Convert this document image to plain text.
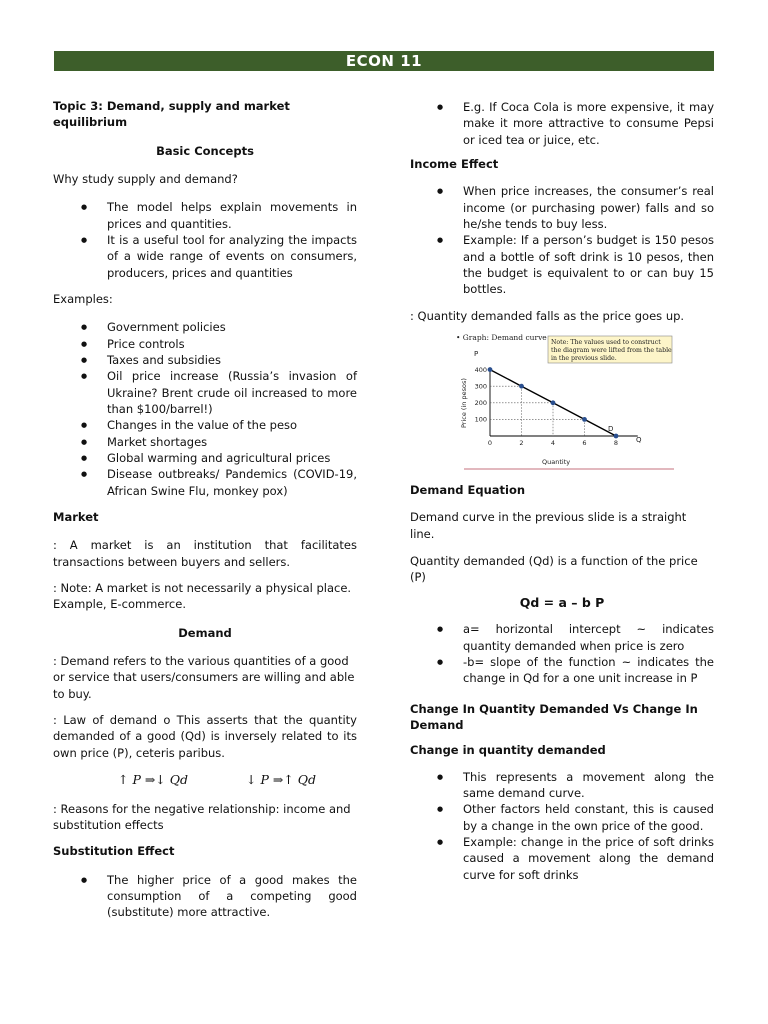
ECON 11

Topic 3: Demand, supply and market equilibrium

Basic Concepts

Why study supply and demand?

● The model helps explain movements in prices and quantities.
● It is a useful tool for analyzing the impacts of a wide range of events on consumers, producers, prices and quantities

Examples:

● Government policies
● Price controls
● Taxes and subsidies
● Oil price increase (Russia’s invasion of Ukraine? Brent crude oil increased to more than $100/barrel!)
● Changes in the value of the peso
● Market shortages
● Global warming and agricultural prices
● Disease outbreaks/ Pandemics (COVID-19, African Swine Flu, monkey pox)

Market

: A market is an institution that facilitates transactions between buyers and sellers.

: Note: A market is not necessarily a physical place. Example, E-commerce.

Demand

: Demand refers to the various quantities of a good or service that users/consumers are willing and able to buy.

: Law of demand o This asserts that the quantity demanded of a good (Qd) is inversely related to its own price (P), ceteris paribus.

↑ P ⇒↓ Qd	↓ P ⇒↑ Qd

: Reasons for the negative relationship: income and substitution effects

Substitution Effect

● The higher price of a good makes the consumption of a competing good (substitute) more attractive.
● E.g. If Coca Cola is more expensive, it may make it more attractive to consume Pepsi or iced tea or juice, etc.

Income Effect

● When price increases, the consumer’s real income (or purchasing power) falls and so he/she tends to buy less.
● Example: If a person’s budget is 150 pesos and a bottle of soft drink is 10 pesos, then the budget is equivalent to or can buy 15 bottles.

: Quantity demanded falls as the price goes up.

• Graph: Demand curve
Note: The values used to construct
the diagram were lifted from the table
in the previous slide.
P
Q
D
Quantity
Price (in pesos)
0	2	4	6	8
100
200
300
400

Demand Equation

Demand curve in the previous slide is a straight line.

Quantity demanded (Qd) is a function of the price (P)

Qd = a – b P

● a= horizontal intercept ~ indicates quantity demanded when price is zero
● -b= slope of the function ~ indicates the change in Qd for a one unit increase in P

Change In Quantity Demanded Vs Change In Demand

Change in quantity demanded

● This represents a movement along the same demand curve.
● Other factors held constant, this is caused by a change in the own price of the good.
● Example: change in the price of soft drinks caused a movement along the demand curve for soft drinks
